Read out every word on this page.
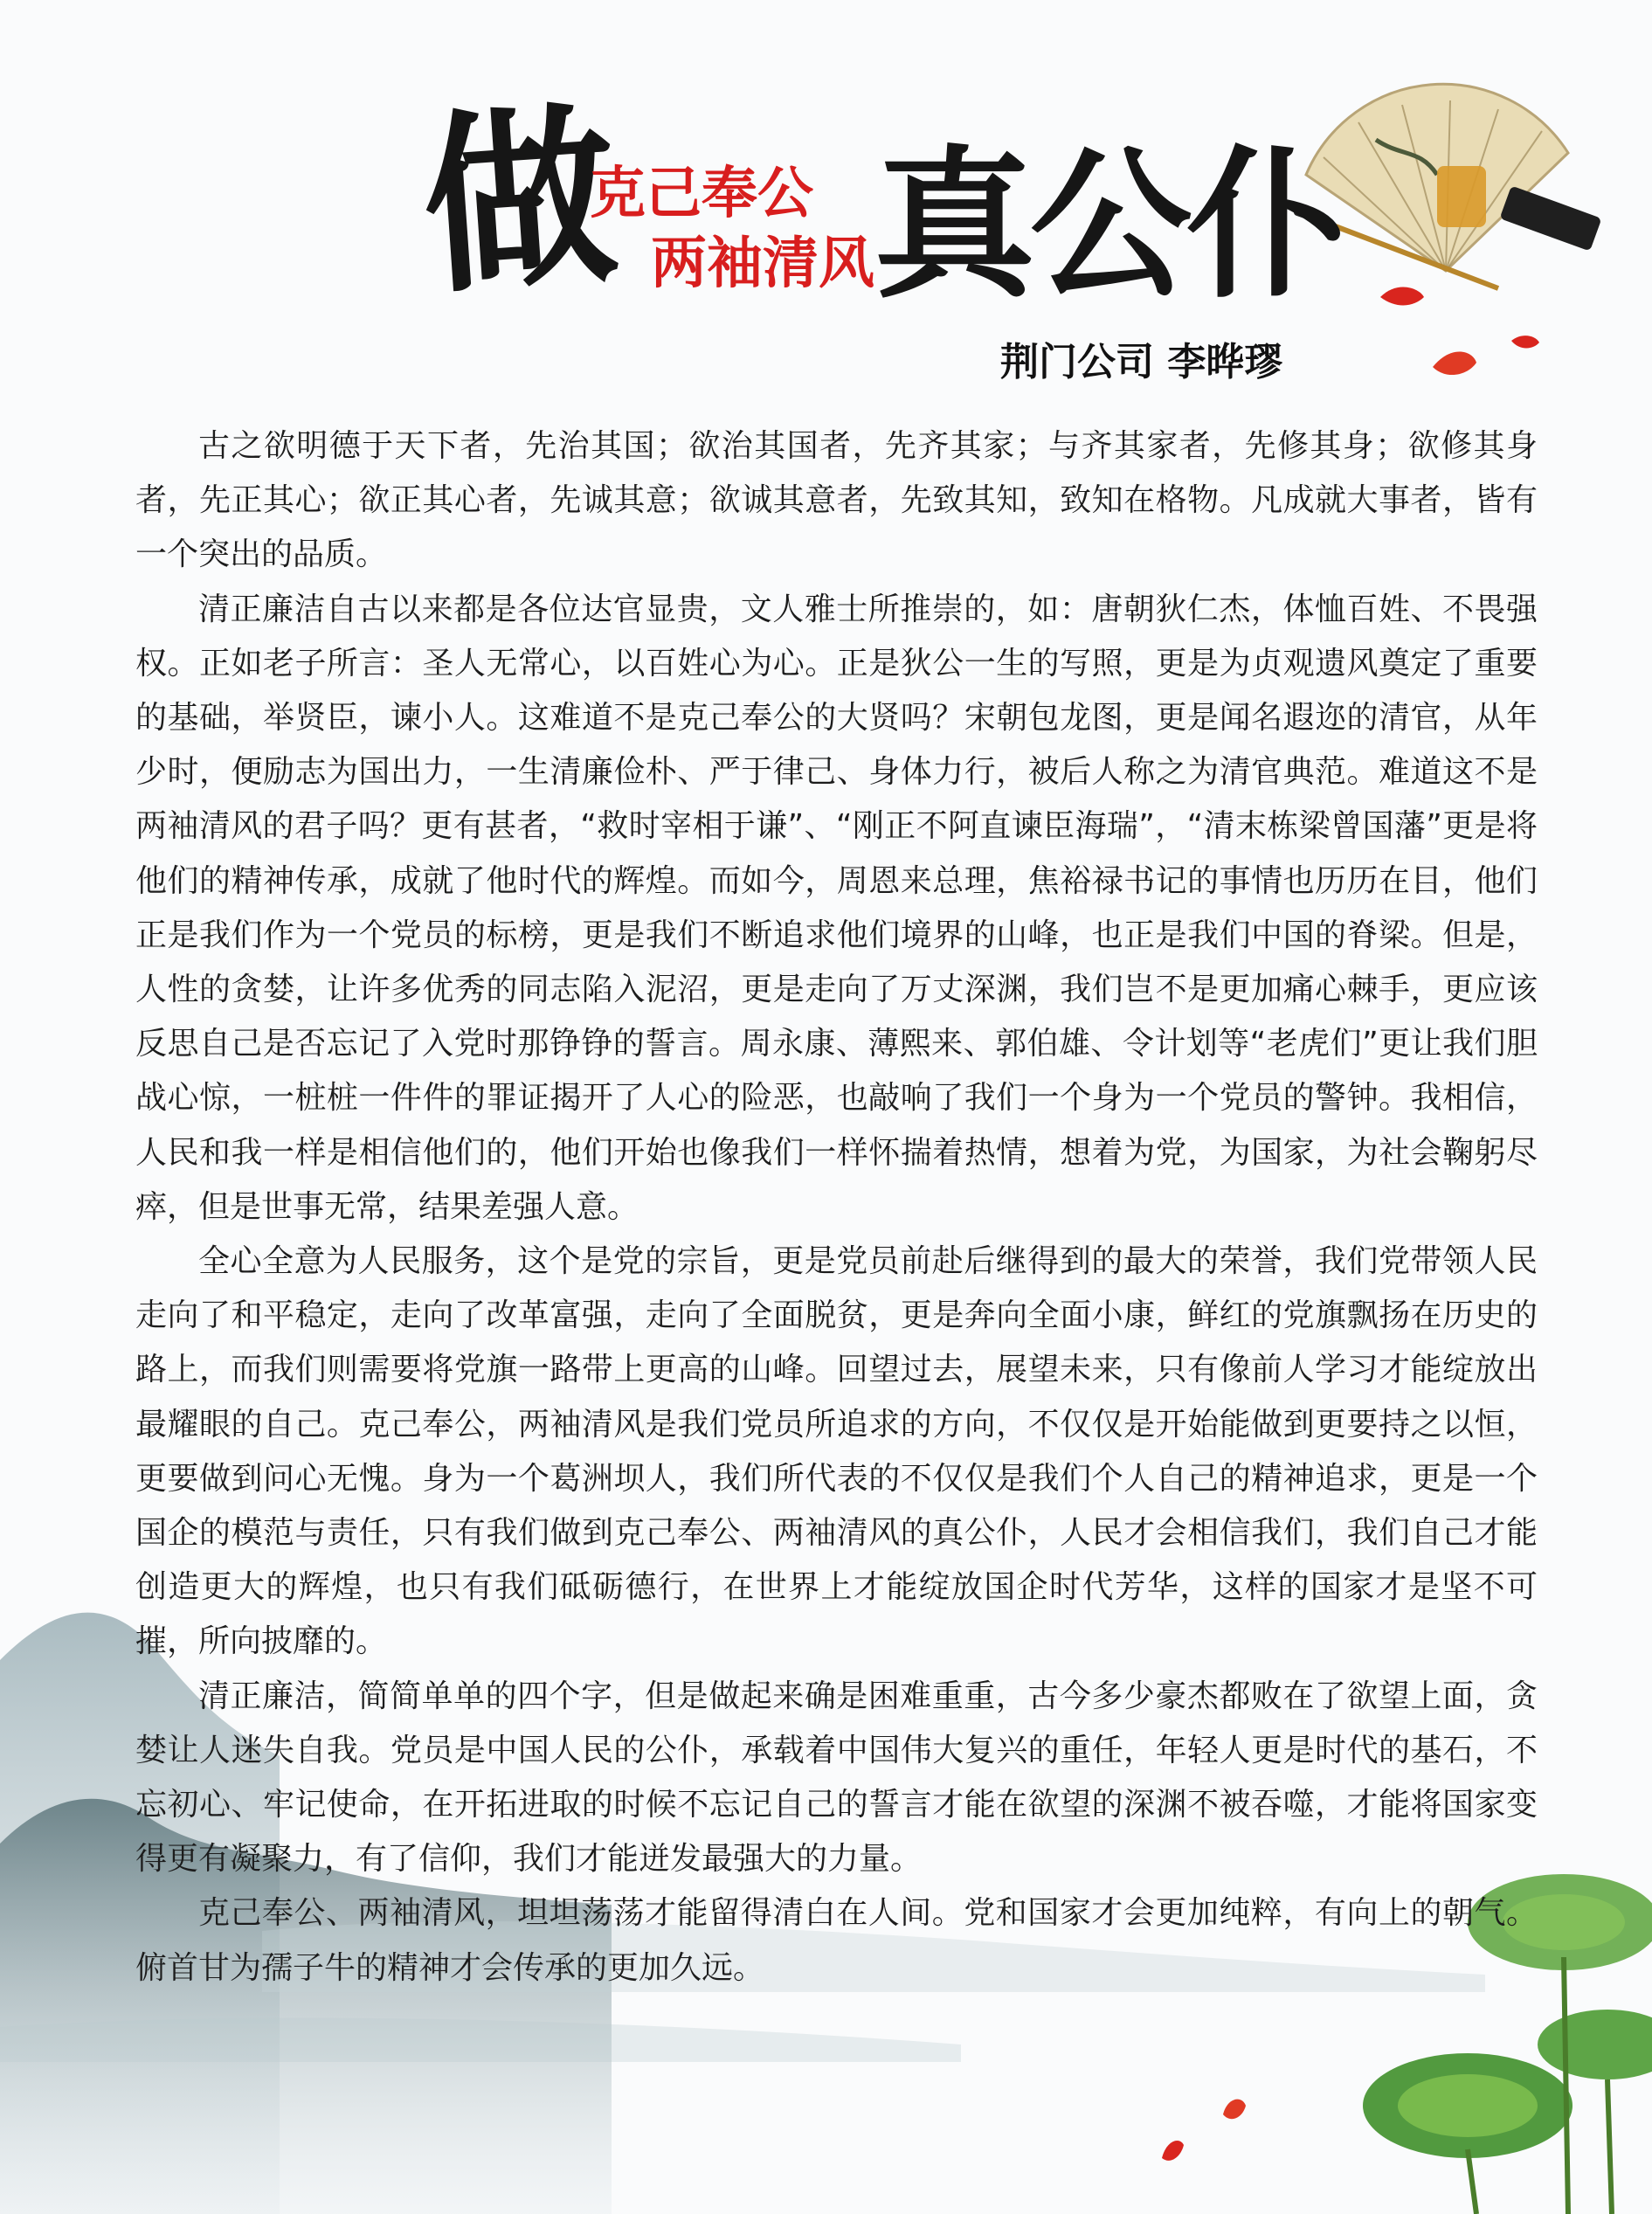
做
克己奉公
两袖清风 真公仆
荆门公司 李晔璆

古之欲明德于天下者，先治其国；欲治其国者，先齐其家；与齐其家者，先修其身；欲修其身者，先正其心；欲正其心者，先诚其意；欲诚其意者，先致其知，致知在格物。凡成就大事者，皆有一个突出的品质。

清正廉洁自古以来都是各位达官显贵，文人雅士所推崇的，如：唐朝狄仁杰，体恤百姓、不畏强权。正如老子所言：圣人无常心，以百姓心为心。正是狄公一生的写照，更是为贞观遗风奠定了重要的基础，举贤臣，谏小人。这难道不是克己奉公的大贤吗？宋朝包龙图，更是闻名遐迩的清官，从年少时，便励志为国出力，一生清廉俭朴、严于律己、身体力行，被后人称之为清官典范。难道这不是两袖清风的君子吗？更有甚者，“救时宰相于谦”、“刚正不阿直谏臣海瑞”，“清末栋梁曾国藩”更是将他们的精神传承，成就了他时代的辉煌。而如今，周恩来总理，焦裕禄书记的事情也历历在目，他们正是我们作为一个党员的标榜，更是我们不断追求他们境界的山峰，也正是我们中国的脊梁。但是，人性的贪婪，让许多优秀的同志陷入泥沼，更是走向了万丈深渊，我们岂不是更加痛心棘手，更应该反思自己是否忘记了入党时那铮铮的誓言。周永康、薄熙来、郭伯雄、令计划等“老虎们”更让我们胆战心惊，一桩桩一件件的罪证揭开了人心的险恶，也敲响了我们一个身为一个党员的警钟。我相信，人民和我一样是相信他们的，他们开始也像我们一样怀揣着热情，想着为党，为国家，为社会鞠躬尽瘁，但是世事无常，结果差强人意。

全心全意为人民服务，这个是党的宗旨，更是党员前赴后继得到的最大的荣誉，我们党带领人民走向了和平稳定，走向了改革富强，走向了全面脱贫，更是奔向全面小康，鲜红的党旗飘扬在历史的路上，而我们则需要将党旗一路带上更高的山峰。回望过去，展望未来，只有像前人学习才能绽放出最耀眼的自己。克己奉公，两袖清风是我们党员所追求的方向，不仅仅是开始能做到更要持之以恒，更要做到问心无愧。身为一个葛洲坝人，我们所代表的不仅仅是我们个人自己的精神追求，更是一个国企的模范与责任，只有我们做到克己奉公、两袖清风的真公仆，人民才会相信我们，我们自己才能创造更大的辉煌，也只有我们砥砺德行，在世界上才能绽放国企时代芳华，这样的国家才是坚不可摧，所向披靡的。

清正廉洁，简简单单的四个字，但是做起来确是困难重重，古今多少豪杰都败在了欲望上面，贪婪让人迷失自我。党员是中国人民的公仆，承载着中国伟大复兴的重任，年轻人更是时代的基石，不忘初心、牢记使命，在开拓进取的时候不忘记自己的誓言才能在欲望的深渊不被吞噬，才能将国家变得更有凝聚力，有了信仰，我们才能迸发最强大的力量。

克己奉公、两袖清风，坦坦荡荡才能留得清白在人间。党和国家才会更加纯粹，有向上的朝气。俯首甘为孺子牛的精神才会传承的更加久远。
